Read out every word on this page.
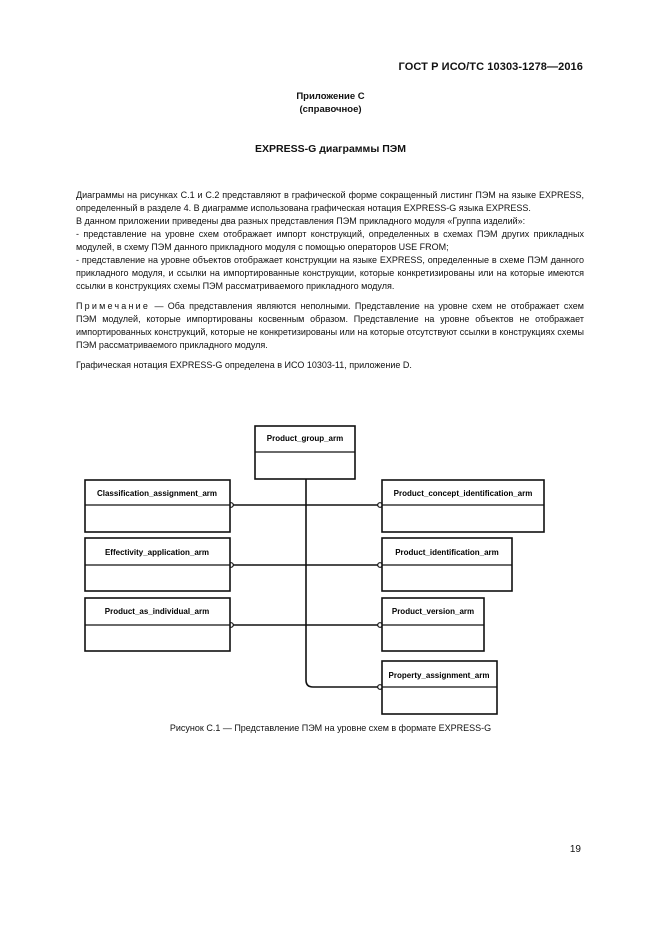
ГОСТ Р ИСО/ТС 10303-1278—2016
Приложение С
(справочное)
EXPRESS-G диаграммы ПЭМ

Диаграммы на рисунках С.1 и С.2 представляют в графической форме сокращенный листинг ПЭМ на языке EXPRESS, определенный в разделе 4. В диаграмме использована графическая нотация EXPRESS-G языка EXPRESS.

В данном приложении приведены два разных представления ПЭМ прикладного модуля «Группа изделий»:

- представление на уровне схем отображает импорт конструкций, определенных в схемах ПЭМ других прикладных модулей, в схему ПЭМ данного прикладного модуля с помощью операторов USE FROM;

- представление на уровне объектов отображает конструкции на языке EXPRESS, определенные в схеме ПЭМ данного прикладного модуля, и ссылки на импортированные конструкции, которые конкретизированы или на которые имеются ссылки в конструкциях схемы ПЭМ рассматриваемого прикладного модуля.

Примечание — Оба представления являются неполными. Представление на уровне схем не отображает схем ПЭМ модулей, которые импортированы косвенным образом. Представление на уровне объектов не отображает импортированных конструкций, которые не конкретизированы или на которые отсутствуют ссылки в конструкциях схемы ПЭМ рассматриваемого прикладного модуля.

Графическая нотация EXPRESS-G определена в ИСО 10303-11, приложение D.

Product_group_arm
Classification_assignment_arm
Effectivity_application_arm
Product_as_individual_arm
Product_concept_identification_arm
Product_identification_arm
Product_version_arm
Property_assignment_arm
Рисунок С.1 — Представление ПЭМ на уровне схем в формате EXPRESS-G
19
